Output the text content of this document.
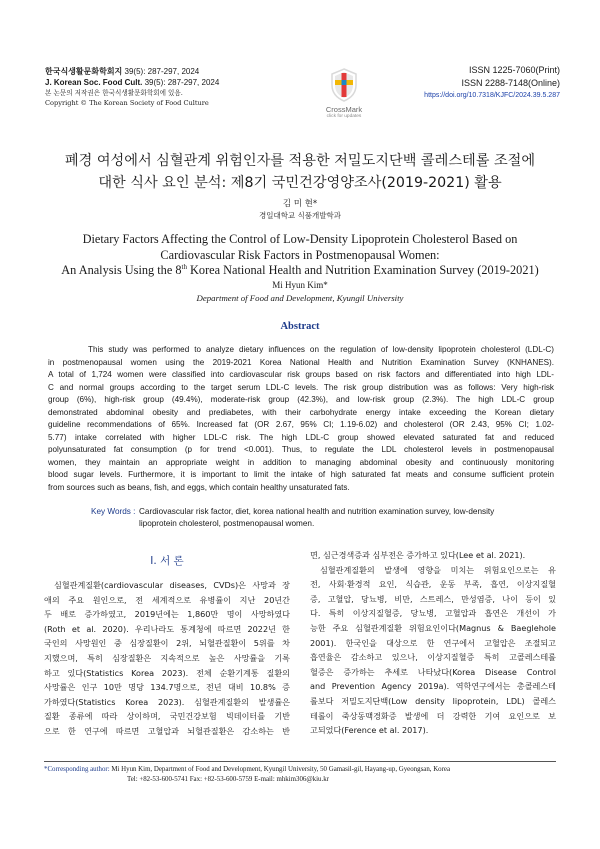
한국식생활문화학회지 39(5): 287-297, 2024
J. Korean Soc. Food Cult. 39(5): 287-297, 2024
본 논문의 저작권은 한국식생활문화학회에 있음.
Copyright © The Korean Society of Food Culture
CrossMark
click for updates
ISSN 1225-7060(Print)
ISSN 2288-7148(Online)
https://doi.org/10.7318/KJFC/2024.39.5.287
폐경 여성에서 심혈관계 위험인자를 적용한 저밀도지단백 콜레스테롤 조절에
대한 식사 요인 분석: 제8기 국민건강영양조사(2019-2021) 활용
김 미 현*
경일대학교 식품개발학과
Dietary Factors Affecting the Control of Low-Density Lipoprotein Cholesterol Based on
Cardiovascular Risk Factors in Postmenopausal Women:
An Analysis Using the 8th Korea National Health and Nutrition Examination Survey (2019-2021)
Mi Hyun Kim*
Department of Food and Development, Kyungil University
Abstract
This study was performed to analyze dietary influences on the regulation of low-density lipoprotein cholesterol (LDL-C)
in postmenopausal women using the 2019-2021 Korea National Health and Nutrition Examination Survey (KNHANES).
A total of 1,724 women were classified into cardiovascular risk groups based on risk factors and differentiated into high LDL-
C and normal groups according to the target serum LDL-C levels. The risk group distribution was as follows: Very high-risk
group (6%), high-risk group (49.4%), moderate-risk group (42.3%), and low-risk group (2.3%). The high LDL-C group
demonstrated abdominal obesity and prediabetes, with their carbohydrate energy intake exceeding the Korean dietary
guideline recommendations of 65%. Increased fat (OR 2.67, 95% CI; 1.19-6.02) and cholesterol (OR 2.43, 95% CI; 1.02-
5.77) intake correlated with higher LDL-C risk. The high LDL-C group showed elevated saturated fat and reduced
polyunsaturated fat consumption (p for trend <0.001). Thus, to regulate the LDL cholesterol levels in postmenopausal
women, they maintain an appropriate weight in addition to managing abdominal obesity and continuously monitoring
blood sugar levels. Furthermore, it is important to limit the intake of high saturated fat meats and consume sufficient protein
from sources such as beans, fish, and eggs, which contain healthy unsaturated fats.
Key Words : Cardiovascular risk factor, diet, korea national health and nutrition examination survey, low-density
lipoprotein cholesterol, postmenopausal women.
I. 서 론
심혈관계질환(cardiovascular diseases, CVDs)은 사망과 장
애의 주요 원인으로, 전 세계적으로 유병률이 지난 20년간
두 배로 증가하였고, 2019년에는 1,860만 명이 사망하였다
(Roth et al. 2020). 우리나라도 통계청에 따르면 2022년 한
국인의 사망원인 중 심장질환이 2위, 뇌혈관질환이 5위를 차
지했으며, 특히 심장질환은 지속적으로 높은 사망률을 기록
하고 있다(Statistics Korea 2023). 전체 순환기계통 질환의
사망률은 인구 10만 명당 134.7명으로, 전년 대비 10.8% 증
가하였다(Statistics Korea 2023). 심혈관계질환의 발생률은
질환 종류에 따라 상이하며, 국민건강보험 빅데이터를 기반
으로 한 연구에 따르면 고혈압과 뇌혈관질환은 감소하는 반
면, 심근경색증과 심부전은 증가하고 있다(Lee et al. 2021).
심혈관계질환의 발생에 영향을 미치는 위험요인으로는 유
전, 사회·환경적 요인, 식습관, 운동 부족, 흡연, 이상지질혈
증, 고혈압, 당뇨병, 비만, 스트레스, 만성염증, 나이 등이 있
다. 특히 이상지질혈증, 당뇨병, 고혈압과 흡연은 개선이 가
능한 주요 심혈관계질환 위험요인이다(Magnus & Baeglehole
2001). 한국인을 대상으로 한 연구에서 고혈압은 조절되고
흡연율은 감소하고 있으나, 이상지질혈증 특히 고콜레스테롤
혈증은 증가하는 추세로 나타났다(Korea Disease Control
and Prevention Agency 2019a). 역학연구에서는 총콜레스테
롤보다 저밀도지단백(Low density lipoprotein, LDL) 콜레스
테롤이 죽상동맥경화증 발생에 더 강력한 기여 요인으로 보
고되었다(Ference et al. 2017).
*Corresponding author: Mi Hyun Kim, Department of Food and Development, Kyungil University, 50 Gamasil-gil, Hayang-up, Gyeongsan, Korea
Tel: +82-53-600-5741 Fax: +82-53-600-5759 E-mail: mhkim306@kiu.kr
